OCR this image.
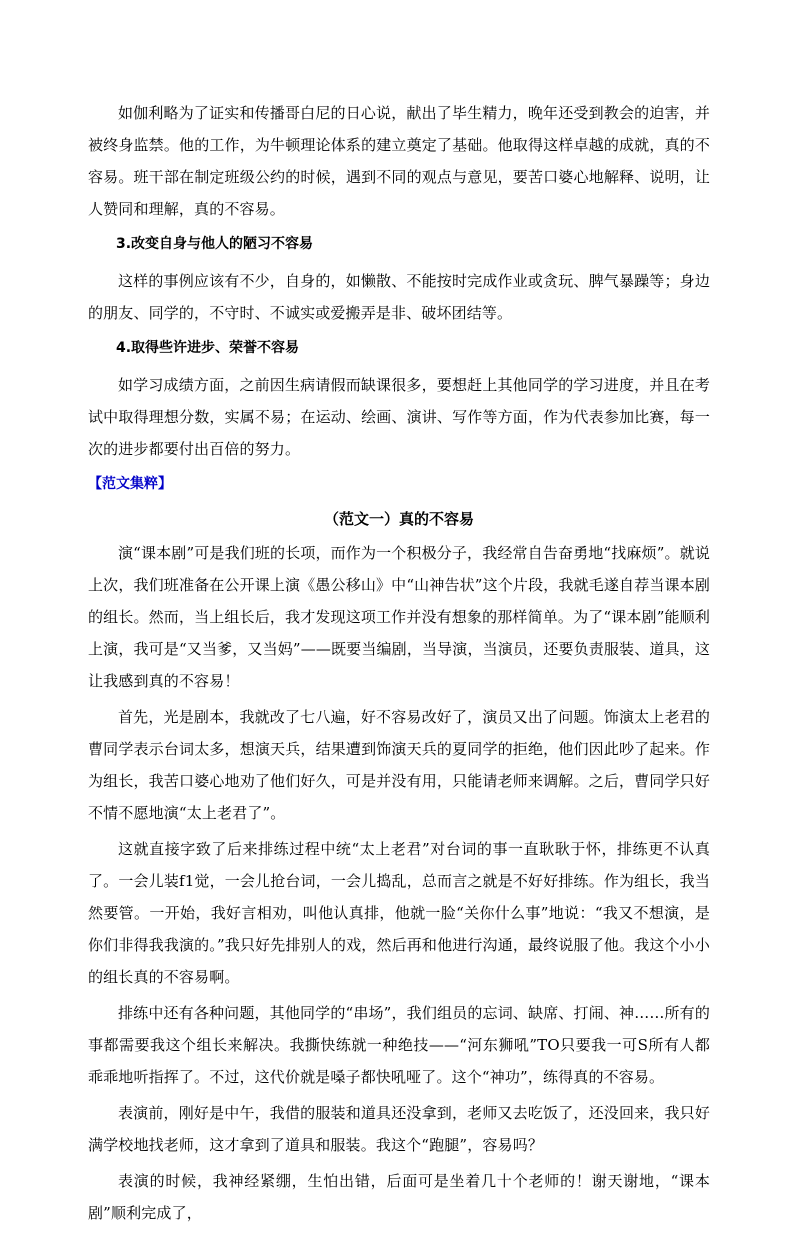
如伽利略为了证实和传播哥白尼的日心说，献出了毕生精力，晚年还受到教会的迫害，并被终身监禁。他的工作，为牛顿理论体系的建立奠定了基础。他取得这样卓越的成就，真的不容易。班干部在制定班级公约的时候，遇到不同的观点与意见，要苦口婆心地解释、说明，让人赞同和理解，真的不容易。

3.改变自身与他人的陋习不容易

这样的事例应该有不少，自身的，如懒散、不能按时完成作业或贪玩、脾气暴躁等；身边的朋友、同学的，不守时、不诚实或爱搬弄是非、破坏团结等。

4.取得些许进步、荣誉不容易

如学习成绩方面，之前因生病请假而缺课很多，要想赶上其他同学的学习进度，并且在考试中取得理想分数，实属不易；在运动、绘画、演讲、写作等方面，作为代表参加比赛，每一次的进步都要付出百倍的努力。

【范文集粹】

（范文一）真的不容易

演“课本剧”可是我们班的长项，而作为一个积极分子，我经常自告奋勇地“找麻烦”。就说上次，我们班准备在公开课上演《愚公移山》中“山神告状”这个片段，我就毛遂自荐当课本剧的组长。然而，当上组长后，我才发现这项工作并没有想象的那样简单。为了“课本剧”能顺利上演，我可是“又当爹，又当妈”——既要当编剧，当导演，当演员，还要负责服装、道具，这让我感到真的不容易！

首先，光是剧本，我就改了七八遍，好不容易改好了，演员又出了问题。饰演太上老君的曹同学表示台词太多，想演天兵，结果遭到饰演天兵的夏同学的拒绝，他们因此吵了起来。作为组长，我苦口婆心地劝了他们好久，可是并没有用，只能请老师来调解。之后，曹同学只好不情不愿地演“太上老君了”。

这就直接字致了后来排练过程中统“太上老君”对台词的事一直耿耿于怀，排练更不认真了。一会儿装f1觉，一会儿抢台词，一会儿捣乱，总而言之就是不好好排练。作为组长，我当然要管。一开始，我好言相劝，叫他认真排，他就一脸“关你什么事”地说：“我又不想演，是你们非得我我演的。”我只好先排别人的戏，然后再和他进行沟通，最终说服了他。我这个小小的组长真的不容易啊。

排练中还有各种问题，其他同学的“串场”，我们组员的忘词、缺席、打闹、神……所有的事都需要我这个组长来解决。我撕快练就一种绝技——“河东狮吼”TO只要我一可S所有人都乖乖地听指挥了。不过，这代价就是嗓子都快吼哑了。这个“神功”，练得真的不容易。

表演前，刚好是中午，我借的服装和道具还没拿到，老师又去吃饭了，还没回来，我只好满学校地找老师，这才拿到了道具和服装。我这个“跑腿”，容易吗？

表演的时候，我神经紧绷，生怕出错，后面可是坐着几十个老师的！谢天谢地，“课本剧”顺利完成了，
